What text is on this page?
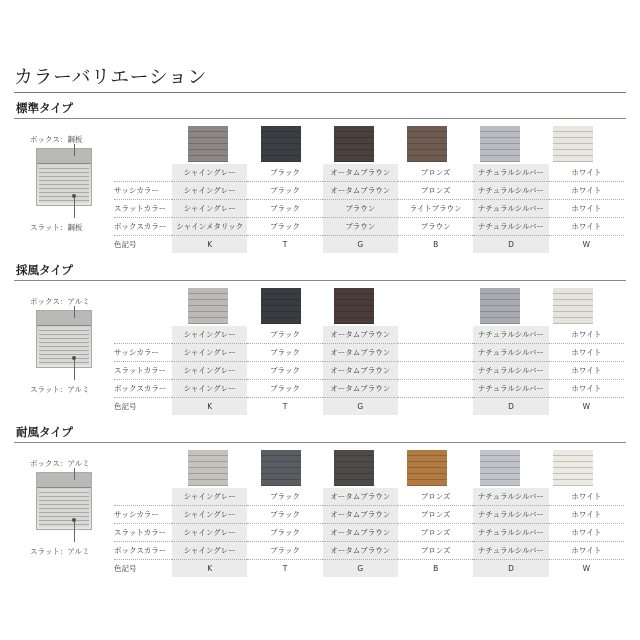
カラーバリエーション
標準タイプ
ボックス：鋼板
スラット：鋼板
	シャイングレー	ブラック	オータムブラウン	ブロンズ	ナチュラルシルバー	ホワイト
サッシカラー	シャイングレー	ブラック	オータムブラウン	ブロンズ	ナチュラルシルバー	ホワイト
スラットカラー	シャイングレー	ブラック	ブラウン	ライトブラウン	ナチュラルシルバー	ホワイト
ボックスカラー	シャインメタリック	ブラック	ブラウン	ブラウン	ナチュラルシルバー	ホワイト
色記号	K	T	G	B	D	W
採風タイプ
ボックス：アルミ
スラット：アルミ
	シャイングレー	ブラック	オータムブラウン		ナチュラルシルバー	ホワイト
サッシカラー	シャイングレー	ブラック	オータムブラウン		ナチュラルシルバー	ホワイト
スラットカラー	シャイングレー	ブラック	オータムブラウン		ナチュラルシルバー	ホワイト
ボックスカラー	シャイングレー	ブラック	オータムブラウン		ナチュラルシルバー	ホワイト
色記号	K	T	G		D	W
耐風タイプ
ボックス：アルミ
スラット：アルミ
	シャイングレー	ブラック	オータムブラウン	ブロンズ	ナチュラルシルバー	ホワイト
サッシカラー	シャイングレー	ブラック	オータムブラウン	ブロンズ	ナチュラルシルバー	ホワイト
スラットカラー	シャイングレー	ブラック	オータムブラウン	ブロンズ	ナチュラルシルバー	ホワイト
ボックスカラー	シャイングレー	ブラック	オータムブラウン	ブロンズ	ナチュラルシルバー	ホワイト
色記号	K	T	G	B	D	W
